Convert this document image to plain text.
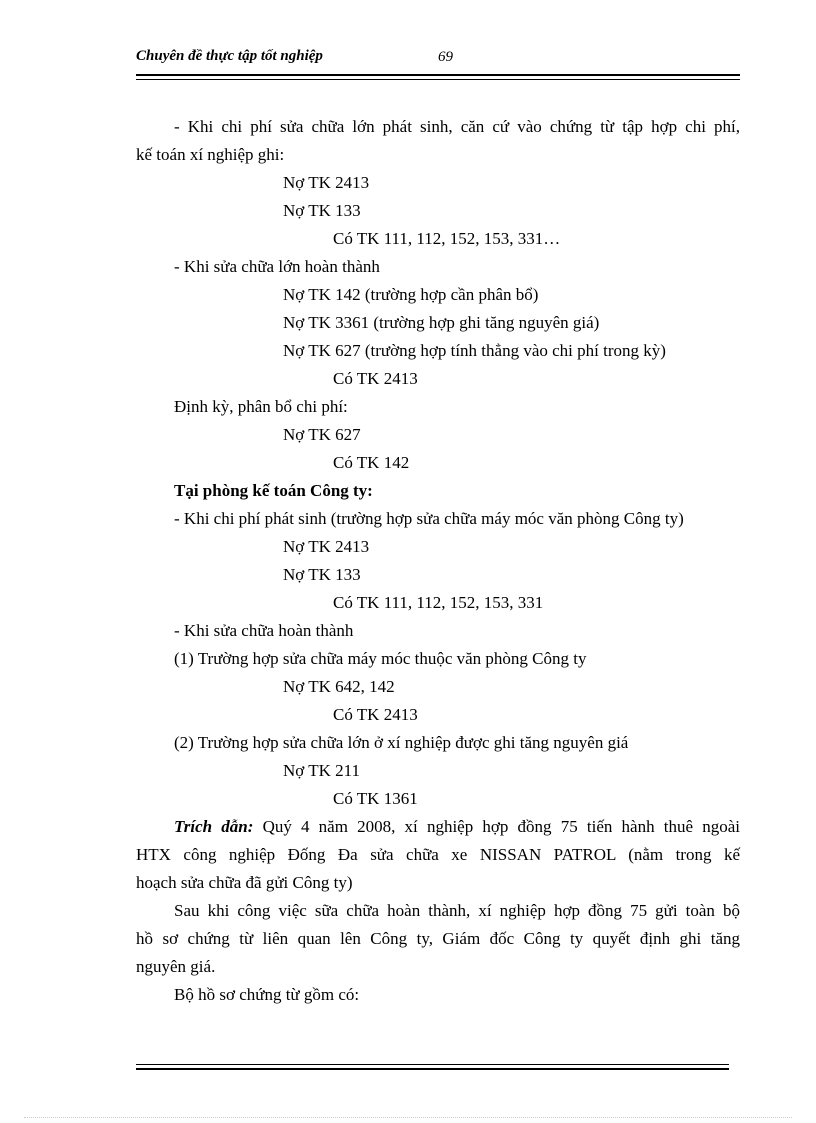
Chuyên đề thực tập tốt nghiệp	69
- Khi chi phí sửa chữa lớn phát sinh, căn cứ vào chứng từ tập hợp chi phí,
kế toán xí nghiệp ghi:
Nợ TK 2413
Nợ TK 133
Có TK 111, 112, 152, 153, 331…
- Khi sửa chữa lớn hoàn thành
Nợ TK 142 (trường hợp cần phân bổ)
Nợ TK 3361 (trường hợp ghi tăng nguyên giá)
Nợ TK 627 (trường hợp tính thẳng vào chi phí trong kỳ)
Có TK 2413
Định kỳ, phân bổ chi phí:
Nợ TK 627
Có TK 142
Tại phòng kế toán Công ty:
- Khi chi phí phát sinh (trường hợp sửa chữa máy móc văn phòng Công ty)
Nợ TK 2413
Nợ TK 133
Có TK 111, 112, 152, 153, 331
- Khi sửa chữa hoàn thành
(1) Trường hợp sửa chữa máy móc thuộc văn phòng Công ty
Nợ TK 642, 142
Có TK 2413
(2) Trường hợp sửa chữa lớn ở xí nghiệp được ghi tăng nguyên giá
Nợ TK 211
Có TK 1361
Trích dẫn: Quý 4 năm 2008, xí nghiệp hợp đồng 75 tiến hành thuê ngoài
HTX công nghiệp Đống Đa sửa chữa xe NISSAN PATROL (nằm trong kế
hoạch sửa chữa đã gửi Công ty)
Sau khi công việc sữa chữa hoàn thành, xí nghiệp hợp đồng 75 gửi toàn bộ
hồ sơ chứng từ liên quan lên Công ty, Giám đốc Công ty quyết định ghi tăng
nguyên giá.
Bộ hồ sơ chứng từ gồm có:
